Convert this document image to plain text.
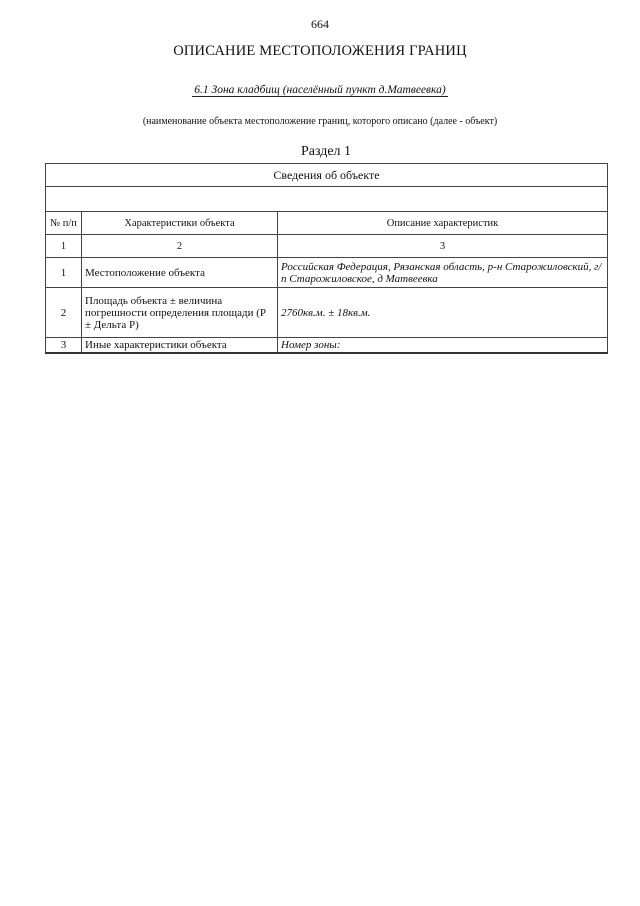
664
ОПИСАНИЕ МЕСТОПОЛОЖЕНИЯ ГРАНИЦ
6.1 Зона кладбищ (населённый пункт д.Матвеевка)
(наименование объекта местоположение границ, которого описано (далее - объект)
Раздел 1
Сведения об объекте		

№ п/п	Характеристики объекта	Описание характеристик
1	2	3
1	Местоположение объекта	Российская Федерация, Рязанская область, р-н Старожиловский, г/п Старожиловское, д Матвеевка
2	Площадь объекта ± величина погрешности определения площади (P ± Дельта P)	2760кв.м. ± 18кв.м.
3	Иные характеристики объекта	Номер зоны:
